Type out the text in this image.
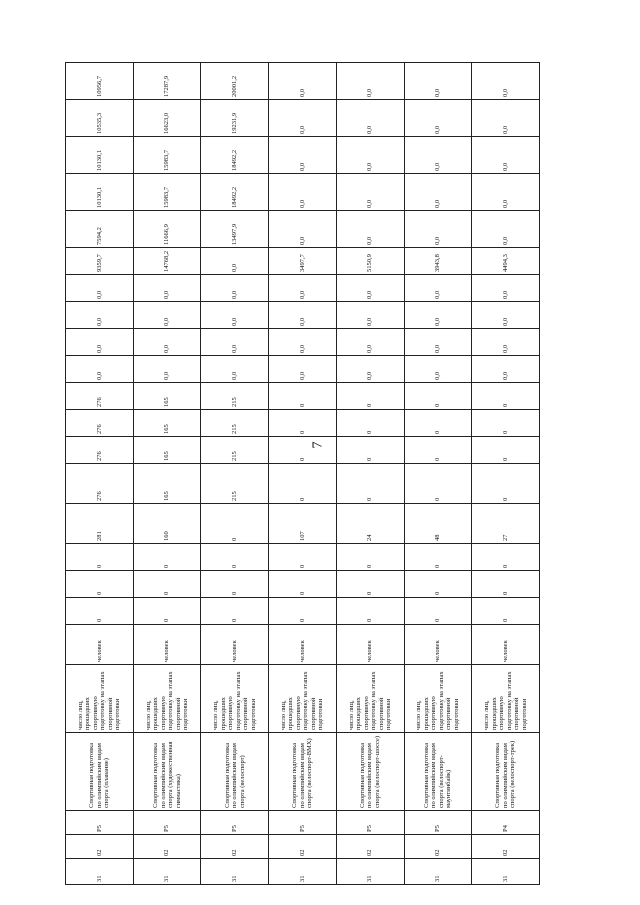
7
31	02	P5	Спортивная подготовка по олимпийским видам спорта (плавание)	число лиц, прошедших спортивную подготовку на этапах спортивной подготовки	человек	0	0	0	281	276	276	276	276	0,0	0,0	0,0	0,0	9359,7	7594,2	10130,1	10130,1	10535,3	10956,7
31	02	P5	Спортивная подготовка по олимпийским видам спорта (художественная гимнастика)	число лиц, прошедших спортивную подготовку на этапах спортивной подготовки	человек	0	0	0	160	165	165	165	165	0,0	0,0	0,0	0,0	14768,2	11666,9	15983,7	15983,7	16623,0	17287,9
31	02	P5	Спортивная подготовка по олимпийским видам спорта (велоспорт)	число лиц, прошедших спортивную подготовку на этапах спортивной подготовки	человек	0	0	0	0	215	215	215	215	0,0	0,0	0,0	0,0	0,0	13497,9	18492,2	18492,2	19231,9	20001,2
31	02	P5	Спортивная подготовка по олимпийским видам спорта (велоспорт-ВМХ)	число лиц, прошедших спортивную подготовку на этапах спортивной подготовки	человек	0	0	0	107	0	0	0	0	0,0	0,0	0,0	0,0	3497,7	0,0	0,0	0,0	0,0	0,0
31	02	P5	Спортивная подготовка по олимпийским видам спорта (велоспорт-шоссе)	число лиц, прошедших спортивную подготовку на этапах спортивной подготовки	человек	0	0	0	24	0	0	0	0	0,0	0,0	0,0	0,0	5150,9	0,0	0,0	0,0	0,0	0,0
31	02	P5	Спортивная подготовка по олимпийским видам спорта (велоспорт-маунтинбайк)	число лиц, прошедших спортивную подготовку на этапах спортивной подготовки	человек	0	0	0	48	0	0	0	0	0,0	0,0	0,0	0,0	3943,8	0,0	0,0	0,0	0,0	0,0
31	02	P4	Спортивная подготовка по олимпийским видам спорта (велоспорт-трек)	число лиц, прошедших спортивную подготовку на этапах спортивной подготовки	человек	0	0	0	27	0	0	0	0	0,0	0,0	0,0	0,0	4494,3	0,0	0,0	0,0	0,0	0,0
